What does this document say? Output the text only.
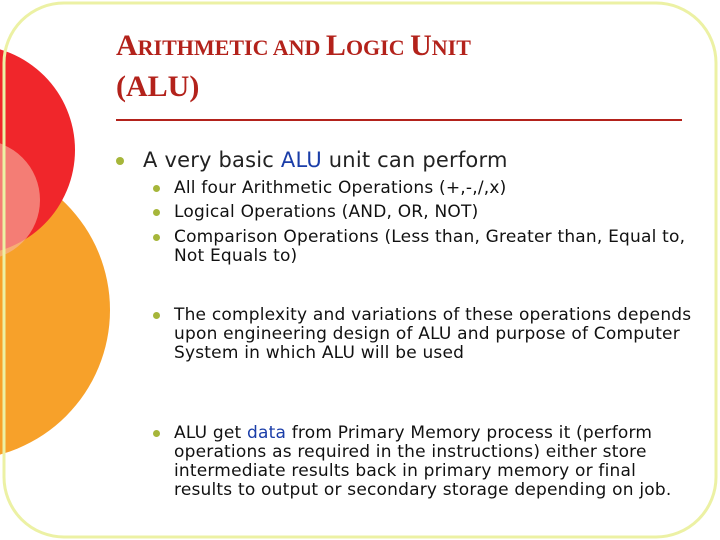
ARITHMETIC AND LOGIC UNIT
(ALU)
A very basic ALU unit can perform
All four Arithmetic Operations (+,-,/,x)
Logical Operations (AND, OR, NOT)
Comparison Operations (Less than, Greater than, Equal to, Not Equals to)
The complexity and variations of these operations depends upon engineering design of ALU and purpose of Computer System in which ALU will be used
ALU get data from Primary Memory process it (perform operations as required in the instructions) either store intermediate results back in primary memory or final results to output or secondary storage depending on job.
